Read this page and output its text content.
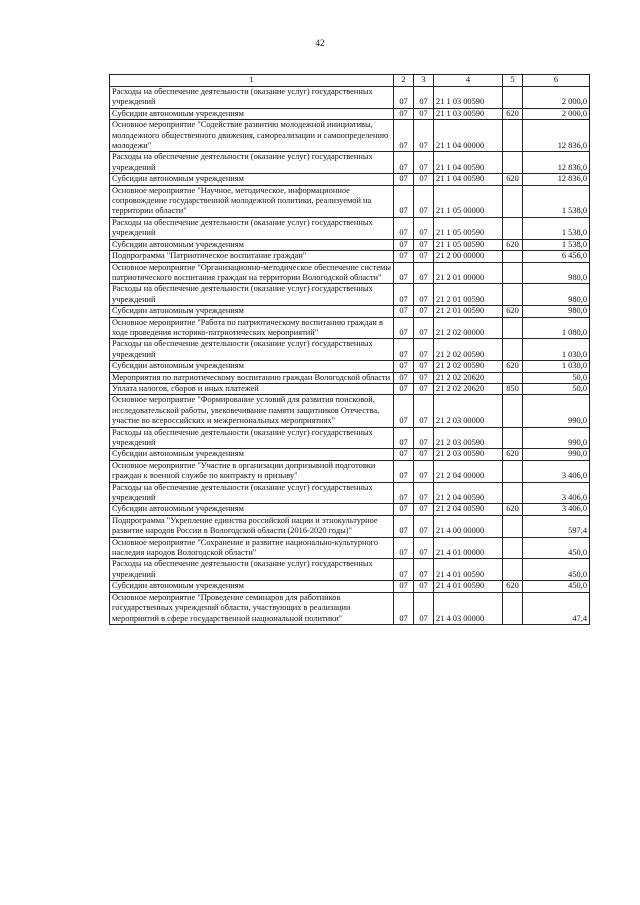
42
1	2	3	4	5	6
Расходы на обеспечение деятельности (оказание услуг) государственных учреждений	07	07	21 1 03 00590		2 000,0
Субсидии автономным учреждениям	07	07	21 1 03 00590	620	2 000,0
Основное мероприятие "Содействие развитию молодежной инициативы, молодежного общественного движения, самореализации и самоопределению молодежи"	07	07	21 1 04 00000		12 836,0
Расходы на обеспечение деятельности (оказание услуг) государственных учреждений	07	07	21 1 04 00590		12 836,0
Субсидии автономным учреждениям	07	07	21 1 04 00590	620	12 836,0
Основное мероприятие "Научное, методическое, информационное сопровождение государственной молодежной политики, реализуемой на территории области"	07	07	21 1 05 00000		1 538,0
Расходы на обеспечение деятельности (оказание услуг) государственных учреждений	07	07	21 1 05 00590		1 538,0
Субсидии автономным учреждениям	07	07	21 1 05 00590	620	1 538,0
Подпрограмма "Патриотическое воспитание граждан"	07	07	21 2 00 00000		6 456,0
Основное мероприятие "Организационно-методическое обеспечение системы патриотического воспитания граждан на территории Вологодской области"	07	07	21 2 01 00000		980,0
Расходы на обеспечение деятельности (оказание услуг) государственных учреждений	07	07	21 2 01 00590		980,0
Субсидии автономным учреждениям	07	07	21 2 01 00590	620	980,0
Основное мероприятие "Работа по патриотическому воспитанию граждан в ходе проведения историко-патриотических мероприятий"	07	07	21 2 02 00000		1 080,0
Расходы на обеспечение деятельности (оказание услуг) государственных учреждений	07	07	21 2 02 00590		1 030,0
Субсидии автономным учреждениям	07	07	21 2 02 00590	620	1 030,0
Мероприятия по патриотическому воспитанию граждан Вологодской области	07	07	21 2 02 20620		50,0
Уплата налогов, сборов и иных платежей	07	07	21 2 02 20620	850	50,0
Основное мероприятие "Формирование условий для развития поисковой, исследовательской работы, увековечивание памяти защитников Отечества, участие во всероссийских и межрегиональных мероприятиях"	07	07	21 2 03 00000		990,0
Расходы на обеспечение деятельности (оказание услуг) государственных учреждений	07	07	21 2 03 00590		990,0
Субсидии автономным учреждениям	07	07	21 2 03 00590	620	990,0
Основное мероприятие "Участие в организации допризывной подготовки граждан к военной службе по контракту и призыву"	07	07	21 2 04 00000		3 406,0
Расходы на обеспечение деятельности (оказание услуг) государственных учреждений	07	07	21 2 04 00590		3 406,0
Субсидии автономным учреждениям	07	07	21 2 04 00590	620	3 406,0
Подпрограмма "Укрепление единства российской нации и этнокультурное развитие народов России в Вологодской области (2016-2020 годы)"	07	07	21 4 00 00000		597,4
Основное мероприятие "Сохранение и развитие национально-культурного наследия народов Вологодской области"	07	07	21 4 01 00000		450,0
Расходы на обеспечение деятельности (оказание услуг) государственных учреждений	07	07	21 4 01 00590		450,0
Субсидии автономным учреждениям	07	07	21 4 01 00590	620	450,0
Основное мероприятие "Проведение семинаров для работников государственных учреждений области, участвующих в реализации мероприятий в сфере государственной национальной политики"	07	07	21 4 03 00000		47,4
